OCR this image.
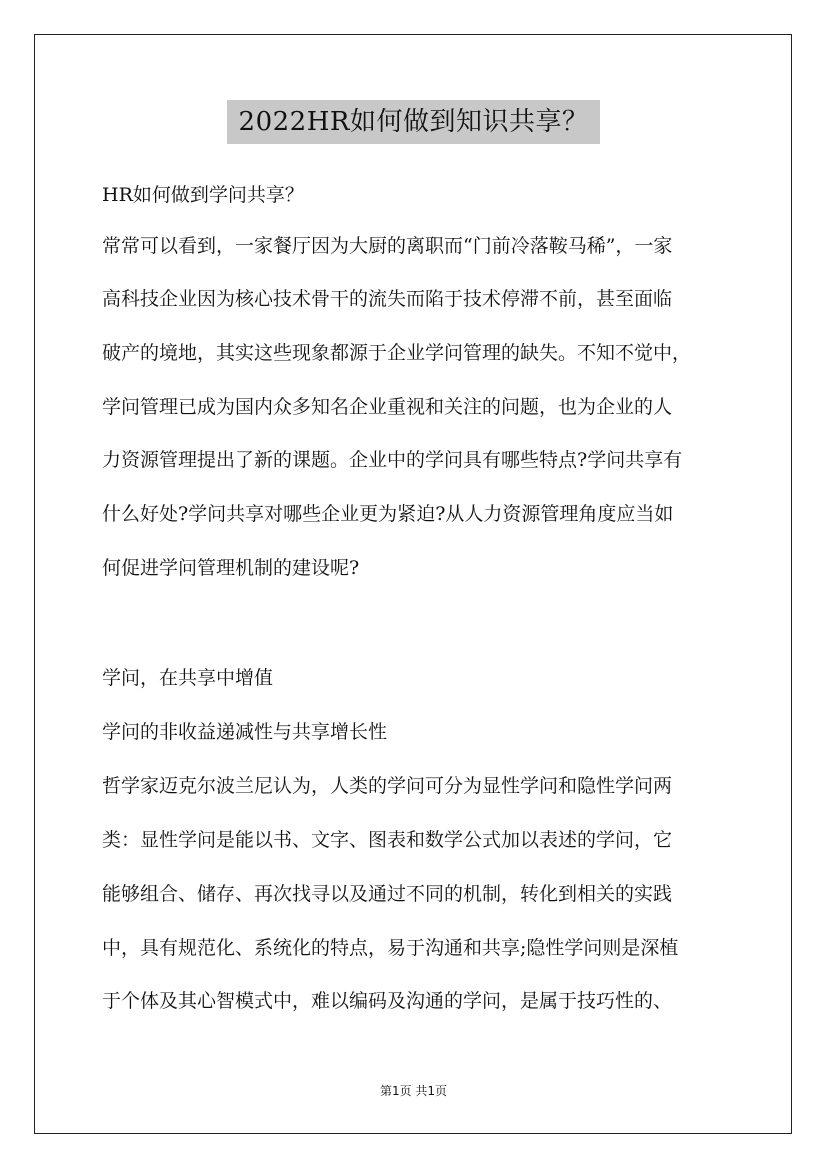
2022HR如何做到知识共享？
HR如何做到学问共享？
常常可以看到，一家餐厅因为大厨的离职而“门前冷落鞍马稀”，一家
高科技企业因为核心技术骨干的流失而陷于技术停滞不前，甚至面临
破产的境地，其实这些现象都源于企业学问管理的缺失。不知不觉中，
学问管理已成为国内众多知名企业重视和关注的问题，也为企业的人
力资源管理提出了新的课题。企业中的学问具有哪些特点?学问共享有
什么好处?学问共享对哪些企业更为紧迫?从人力资源管理角度应当如
何促进学问管理机制的建设呢?
学问，在共享中增值
学问的非收益递减性与共享增长性
哲学家迈克尔波兰尼认为，人类的学问可分为显性学问和隐性学问两
类：显性学问是能以书、文字、图表和数学公式加以表述的学问，它
能够组合、储存、再次找寻以及通过不同的机制，转化到相关的实践
中，具有规范化、系统化的特点，易于沟通和共享;隐性学问则是深植
于个体及其心智模式中，难以编码及沟通的学问，是属于技巧性的、
第1页 共1页
